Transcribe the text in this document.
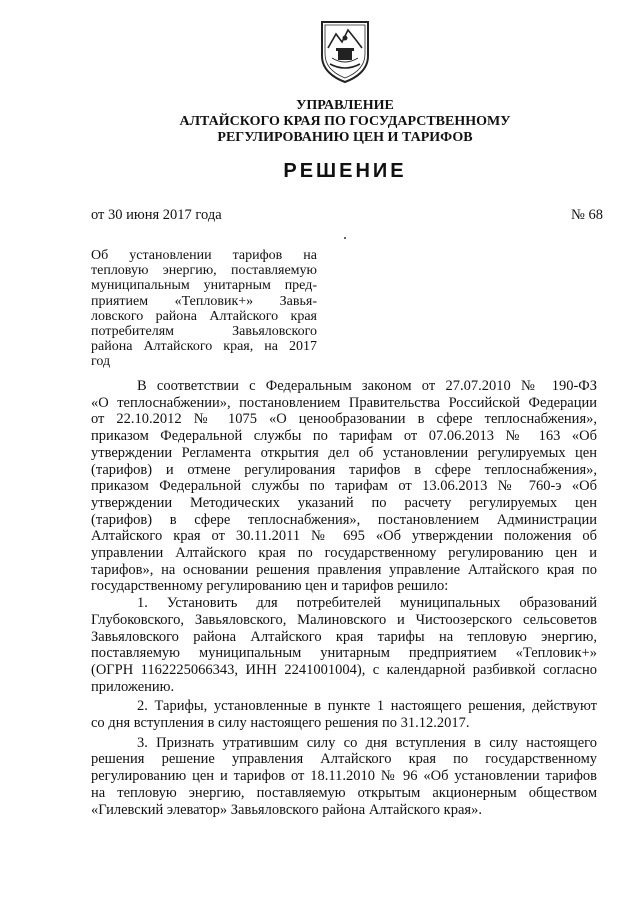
УПРАВЛЕНИЕ
АЛТАЙСКОГО КРАЯ ПО ГОСУДАРСТВЕННОМУ
РЕГУЛИРОВАНИЮ ЦЕН И ТАРИФОВ
РЕШЕНИЕ
от 30 июня 2017 года	№ 68
Об установлении тарифов на
тепловую энергию, поставляемую
муниципальным унитарным пред-
приятием «Тепловик+» Завья-
ловского района Алтайского края
потребителям Завьяловского
района Алтайского края, на 2017
год
В соответствии с Федеральным законом от 27.07.2010 № 190-ФЗ
«О теплоснабжении», постановлением Правительства Российской Федерации
от 22.10.2012 № 1075 «О ценообразовании в сфере теплоснабжения»,
приказом Федеральной службы по тарифам от 07.06.2013 № 163 «Об
утверждении Регламента открытия дел об установлении регулируемых цен
(тарифов) и отмене регулирования тарифов в сфере теплоснабжения»,
приказом Федеральной службы по тарифам от 13.06.2013 № 760-э «Об
утверждении Методических указаний по расчету регулируемых цен
(тарифов) в сфере теплоснабжения», постановлением Администрации
Алтайского края от 30.11.2011 № 695 «Об утверждении положения об
управлении Алтайского края по государственному регулированию цен и
тарифов», на основании решения правления управление Алтайского края по
государственному регулированию цен и тарифов решило:
1. Установить для потребителей муниципальных образований
Глубоковского, Завьяловского, Малиновского и Чистоозерского сельсоветов
Завьяловского района Алтайского края тарифы на тепловую энергию,
поставляемую муниципальным унитарным предприятием «Тепловик+»
(ОГРН 1162225066343, ИНН 2241001004), с календарной разбивкой согласно
приложению.
2. Тарифы, установленные в пункте 1 настоящего решения, действуют
со дня вступления в силу настоящего решения по 31.12.2017.
3. Признать утратившим силу со дня вступления в силу настоящего
решения решение управления Алтайского края по государственному
регулированию цен и тарифов от 18.11.2010 № 96 «Об установлении тарифов
на тепловую энергию, поставляемую открытым акционерным обществом
«Гилевский элеватор» Завьяловского района Алтайского края».
